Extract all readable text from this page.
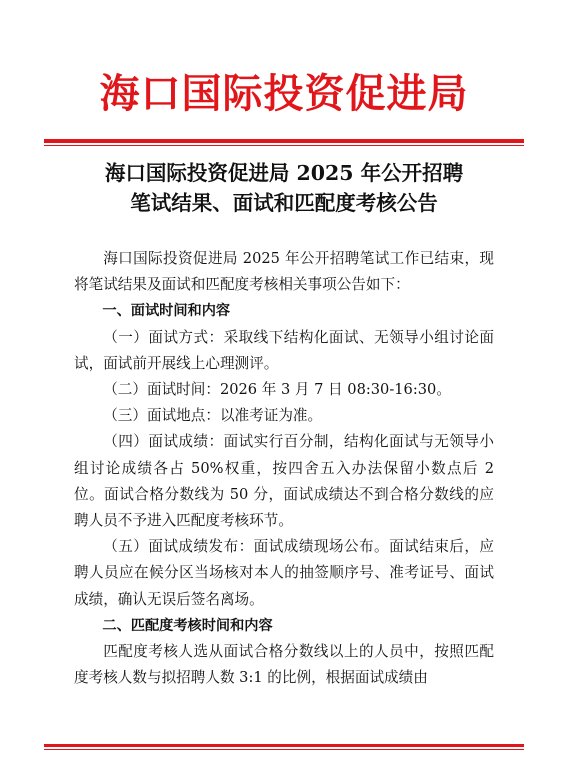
海口国际投资促进局
海口国际投资促进局 2025 年公开招聘
笔试结果、面试和匹配度考核公告

海口国际投资促进局 2025 年公开招聘笔试工作已结束，现将笔试结果及面试和匹配度考核相关事项公告如下：

一、面试时间和内容

（一）面试方式：采取线下结构化面试、无领导小组讨论面试，面试前开展线上心理测评。

（二）面试时间：2026 年 3 月 7 日 08:30-16:30。

（三）面试地点：以准考证为准。

（四）面试成绩：面试实行百分制，结构化面试与无领导小组讨论成绩各占 50%权重，按四舍五入办法保留小数点后 2 位。面试合格分数线为 50 分，面试成绩达不到合格分数线的应聘人员不予进入匹配度考核环节。

（五）面试成绩发布：面试成绩现场公布。面试结束后，应聘人员应在候分区当场核对本人的抽签顺序号、准考证号、面试成绩，确认无误后签名离场。

二、匹配度考核时间和内容

匹配度考核人选从面试合格分数线以上的人员中，按照匹配度考核人数与拟招聘人数 3:1 的比例，根据面试成绩由
